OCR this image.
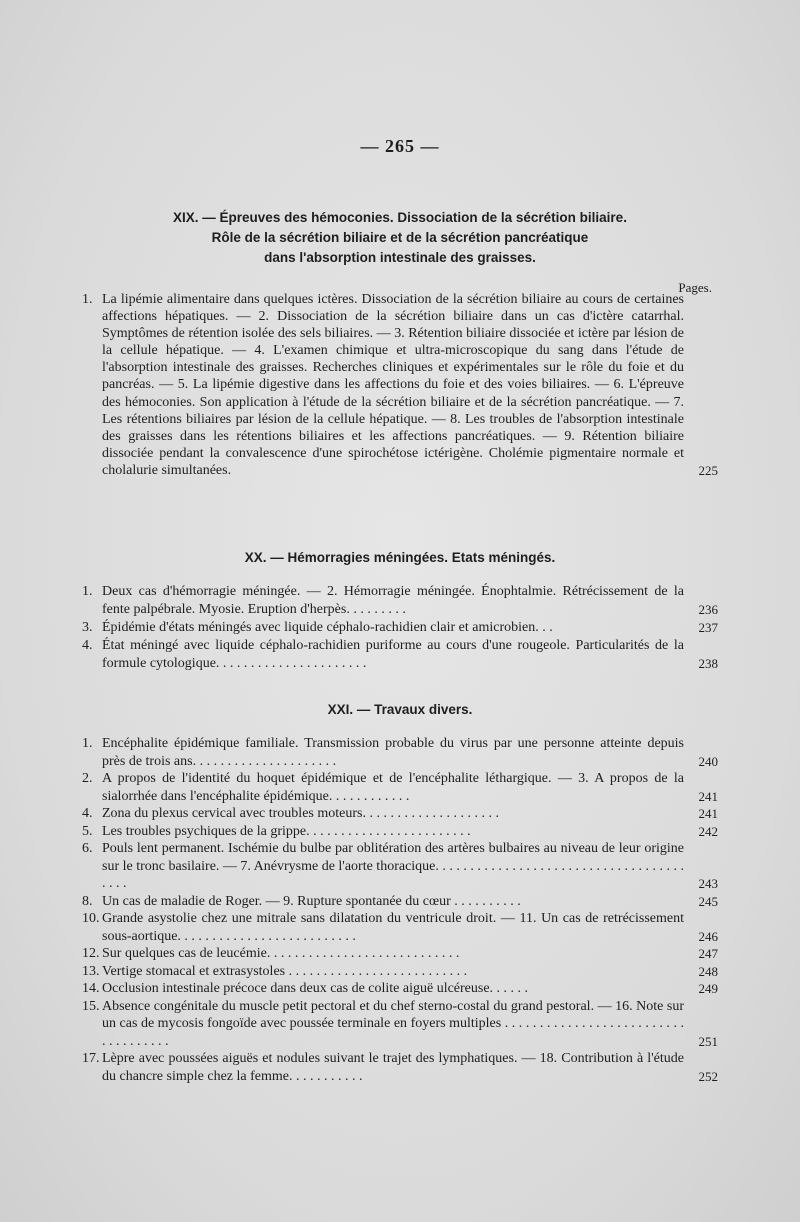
— 265 —
XIX. — Épreuves des hémoconies. Dissociation de la sécrétion biliaire.
Rôle de la sécrétion biliaire et de la sécrétion pancréatique
dans l'absorption intestinale des graisses.
Pages.
1. La lipémie alimentaire dans quelques ictères. Dissociation de la sécrétion biliaire au cours de certaines affections hépatiques. — 2. Dissociation de la sécrétion biliaire dans un cas d'ictère catarrhal. Symptômes de rétention isolée des sels biliaires. — 3. Rétention biliaire dissociée et ictère par lésion de la cellule hépatique. — 4. L'examen chimique et ultra-microscopique du sang dans l'étude de l'absorption intestinale des graisses. Recherches cliniques et expérimentales sur le rôle du foie et du pancréas. — 5. La lipémie digestive dans les affections du foie et des voies biliaires. — 6. L'épreuve des hémoconies. Son application à l'étude de la sécrétion biliaire et de la sécrétion pancréatique. — 7. Les rétentions biliaires par lésion de la cellule hépatique. — 8. Les troubles de l'absorption intestinale des graisses dans les rétentions biliaires et les affections pancréatiques. — 9. Rétention biliaire dissociée pendant la convalescence d'une spirochétose ictérigène. Cholémie pigmentaire normale et cholalurie simultanées.	225
XX. — Hémorragies méningées. Etats méningés.
1. Deux cas d'hémorragie méningée. — 2. Hémorragie méningée. Énophtalmie. Rétrécissement de la fente palpébrale. Myosie. Eruption d'herpès. . . . . . . . .	236
3. Épidémie d'états méningés avec liquide céphalo-rachidien clair et amicrobien. . .	237
4. État méningé avec liquide céphalo-rachidien puriforme au cours d'une rougeole. Particularités de la formule cytologique. . . . . . . . . . . . . . . . . . . . . .	238
XXI. — Travaux divers.
1. Encéphalite épidémique familiale. Transmission probable du virus par une personne atteinte depuis près de trois ans. . . . . . . . . . . . . . . . . . . . .	240
2. A propos de l'identité du hoquet épidémique et de l'encéphalite léthargique. — 3. A propos de la sialorrhée dans l'encéphalite épidémique. . . . . . . . . . . .	241
4. Zona du plexus cervical avec troubles moteurs. . . . . . . . . . . . . . . . . . . .	241
5. Les troubles psychiques de la grippe. . . . . . . . . . . . . . . . . . . . . . . .	242
6. Pouls lent permanent. Ischémie du bulbe par oblitération des artères bulbaires au niveau de leur origine sur le tronc basilaire. — 7. Anévrysme de l'aorte thoracique. . . . . . . . . . . . . . . . . . . . . . . . . . . . . . . . . . . . . . . .	243
8. Un cas de maladie de Roger. — 9. Rupture spontanée du cœur . . . . . . . . . .	245
10. Grande asystolie chez une mitrale sans dilatation du ventricule droit. — 11. Un cas de retrécissement sous-aortique. . . . . . . . . . . . . . . . . . . . . . . . . .	246
12. Sur quelques cas de leucémie. . . . . . . . . . . . . . . . . . . . . . . . . . . .	247
13. Vertige stomacal et extrasystoles . . . . . . . . . . . . . . . . . . . . . . . . . .	248
14. Occlusion intestinale précoce dans deux cas de colite aiguë ulcéreuse. . . . . .	249
15. Absence congénitale du muscle petit pectoral et du chef sterno-costal du grand pestoral. — 16. Note sur un cas de mycosis fongoïde avec poussée terminale en foyers multiples . . . . . . . . . . . . . . . . . . . . . . . . . . . . . . . . . . . .	251
17. Lèpre avec poussées aiguës et nodules suivant le trajet des lymphatiques. — 18. Contribution à l'étude du chancre simple chez la femme. . . . . . . . . . .	252
